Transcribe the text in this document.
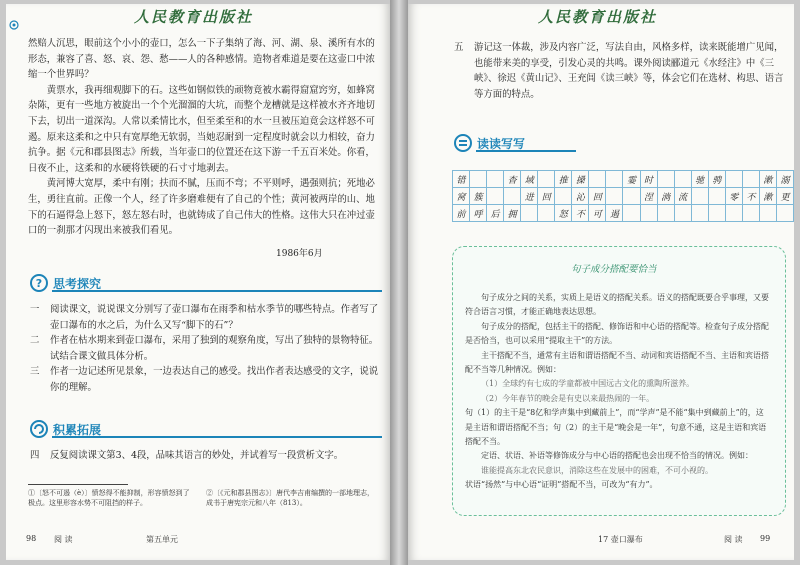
人民教育出版社

然赔人沉思，眼前这个小小的壶口，怎么一下子集纳了海、河、湖、泉、溪所有水的形态，兼容了喜、怒、哀、怨、愁——人的各种感情。造物者难道是要在这壶口中浓缩一个世界吗？

黄票水，我再细观脚下的石。这些如钢似铁的顽物竟被水霸得窟窟窍穷，如蜂窝杂陈，更有一些地方被旋出一个个光溜溜的大坑，而整个龙槽就是这样被水齐齐地切下去，切出一道深沟。人常以柔情比水，但至柔至和的水一旦被压迫竟会这样怒不可遏。原来这柔和之中只有宽厚绝无软弱，当她忍耐到一定程度时就会以力相较，奋力抗争。据《元和郡县图志》所载，当年壶口的位置还在这下游一千五百米处。你看，日夜不止，这柔和的水硬将铁硬的石寸寸地剥去。

黄河博大宽厚，柔中有刚；扶而不腻，压而不弯；不平则呼，遇强则抗；死地必生，勇往直前。正像一个人，经了许多磨难便有了自己的个性；黄河被两岸的山、地下的石逼得急上怒下，怒左怒右时，也就铸成了自己伟大的性格。这伟大只在冲过壶口的一刹那才闪现出来被我们看见。

1986年6月
? 思考探究
一	阅读课文，说说课文分别写了壶口瀑布在雨季和枯水季节的哪些特点。作者写了壶口瀑布的水之后，为什么又写“脚下的石”？
二	作者在枯水期来到壶口瀑布，采用了独到的观察角度，写出了独特的景物特征。试结合课文做具体分析。
三	作者一边记述所见景象，一边表达自己的感受。找出作者表达感受的文字，说说你的理解。
积累拓展
四	反复阅读课文第3、4段，品味其语言的妙处，并试着写一段赏析文字。
①〔怒不可遏（è）〕愤怒得不能抑制，形容愤怒到了极点。这里形容水势不可阻挡的样子。
②〔《元和郡县图志》〕唐代李吉甫编撰的一部地理志，成书于唐宪宗元和八年（813）。
98 阅 读	第五单元
人民教育出版社
五	游记这一体裁，涉及内容广泛，写法自由，风格多样，读来既能增广见闻，也能带来美的享受，引发心灵的共鸣。课外阅读郦道元《水经注》中《三峡》、徐迟《黄山记》、王充闾《读三峡》等，体会它们在选材、构思、语言等方面的特点。
读读写写
错			杳	域		推	搡			霎	时			驰	骋			漱	溺
窝	簇			进	回		沁	回			涅	淌	流			零	不	漱	更
前	呼	后	拥			怒	不	可	遏										
句子成分搭配要恰当

句子成分之间的关系，实质上是语义的搭配关系。语义的搭配既要合乎事理，又要符合语言习惯，才能正确地表达思想。

句子成分的搭配，包括主干的搭配、修饰语和中心语的搭配等。检查句子成分搭配是否恰当，也可以采用“提取主干”的方法。

主干搭配不当，通常有主语和谓语搭配不当、动词和宾语搭配不当、主语和宾语搭配不当等几种情况。例如：

（1）全球约有七成的学童都被中国远古文化的熏陶所滋养。

（2）今年春节的晚会是有史以来最热闹的一年。

句（1）的主干是“8亿和学声集中到藏前上”，而“学声”是不能“集中到藏前上”的，这是主语和谓语搭配不当；句（2）的主干是“晚会是一年”，句意不通，这是主语和宾语搭配不当。

定语、状语、补语等修饰成分与中心语的搭配也会出现不恰当的情况。例如：

谁能提高东北农民意识，消除这些在发展中的困难，不可小视的。

状语“扬然”与中心语“证明”搭配不当，可改为“有力”。

17 壶口瀑布	阅 读 99
